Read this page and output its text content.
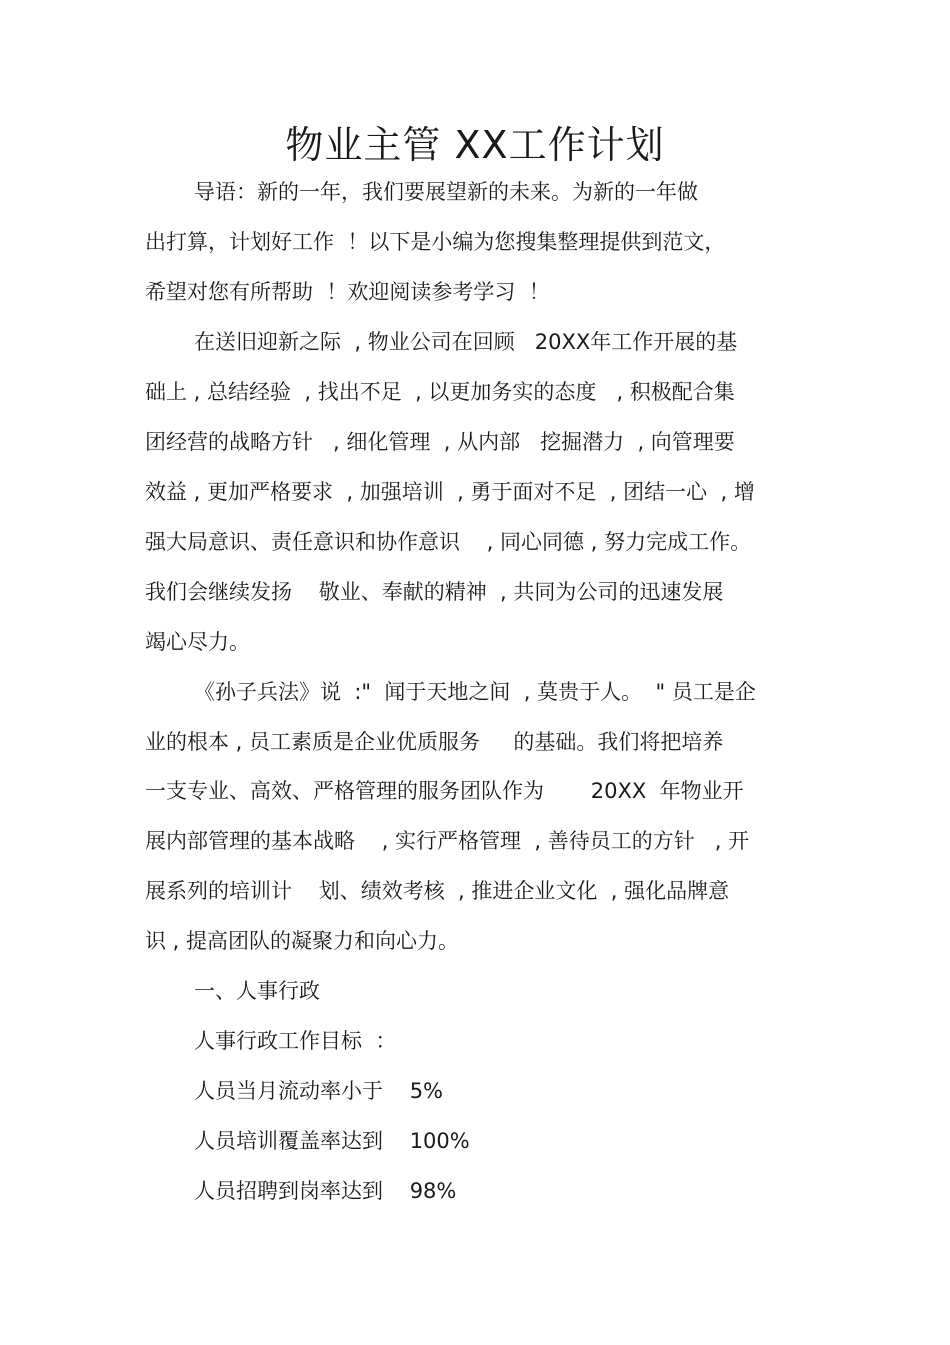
物业主管 XX工作计划

导语：新的一年，我们要展望新的未来。为新的一年做

出打算，计划好工作  ！以下是小编为您搜集整理提供到范文，

希望对您有所帮助  ！欢迎阅读参考学习  ！

在送旧迎新之际  , 物业公司在回顾   20XX年工作开展的基

础上 , 总结经验  , 找出不足  , 以更加务实的态度   , 积极配合集

团经营的战略方针   , 细化管理  , 从内部   挖掘潜力  , 向管理要

效益 , 更加严格要求  , 加强培训  , 勇于面对不足  , 团结一心  , 增

强大局意识、责任意识和协作意识    , 同心同德 , 努力完成工作。

我们会继续发扬    敬业、奉献的精神  , 共同为公司的迅速发展

竭心尽力。

《孙子兵法》说  :"  闻于天地之间  , 莫贵于人。  " 员工是企

业的根本 , 员工素质是企业优质服务     的基础。我们将把培养

一支专业、高效、严格管理的服务团队作为       20XX  年物业开

展内部管理的基本战略    , 实行严格管理  , 善待员工的方针   , 开

展系列的培训计    划、绩效考核  , 推进企业文化  , 强化品牌意

识 , 提高团队的凝聚力和向心力。

一、人事行政

人事行政工作目标  ：

人员当月流动率小于    5%

人员培训覆盖率达到    100%

人员招聘到岗率达到    98%
